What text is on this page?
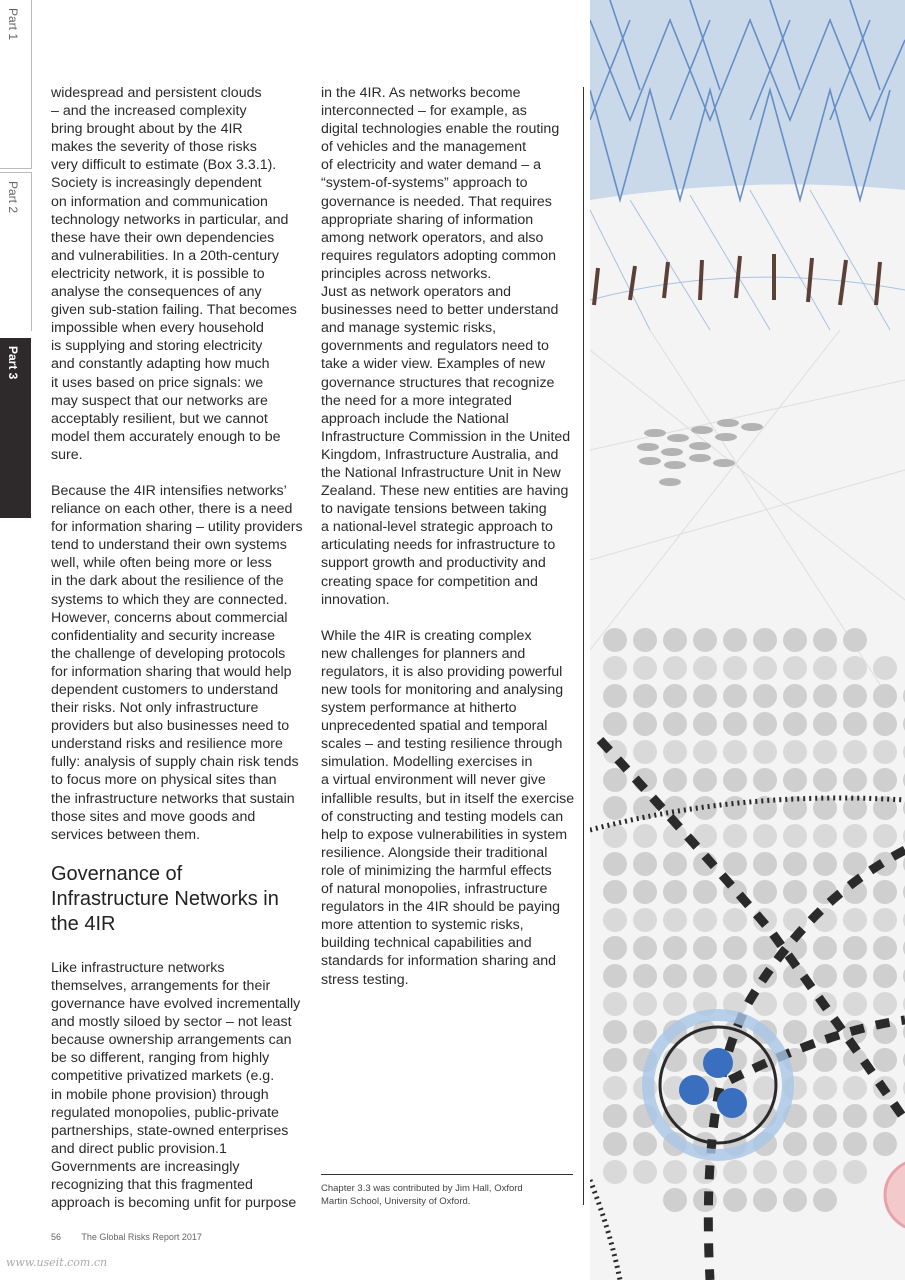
Part 1
Part 2
Part 3

widespread and persistent clouds
– and the increased complexity
bring brought about by the 4IR
makes the severity of those risks
very difficult to estimate (Box 3.3.1).
Society is increasingly dependent
on information and communication
technology networks in particular, and
these have their own dependencies
and vulnerabilities. In a 20th-century
electricity network, it is possible to
analyse the consequences of any
given sub-station failing. That becomes
impossible when every household
is supplying and storing electricity
and constantly adapting how much
it uses based on price signals: we
may suspect that our networks are
acceptably resilient, but we cannot
model them accurately enough to be
sure.

Because the 4IR intensifies networks’
reliance on each other, there is a need
for information sharing – utility providers
tend to understand their own systems
well, while often being more or less
in the dark about the resilience of the
systems to which they are connected.
However, concerns about commercial
confidentiality and security increase
the challenge of developing protocols
for information sharing that would help
dependent customers to understand
their risks. Not only infrastructure
providers but also businesses need to
understand risks and resilience more
fully: analysis of supply chain risk tends
to focus more on physical sites than
the infrastructure networks that sustain
those sites and move goods and
services between them.

Governance of
Infrastructure Networks in
the 4IR

Like infrastructure networks
themselves, arrangements for their
governance have evolved incrementally
and mostly siloed by sector – not least
because ownership arrangements can
be so different, ranging from highly
competitive privatized markets (e.g.
in mobile phone provision) through
regulated monopolies, public-private
partnerships, state-owned enterprises
and direct public provision.1
Governments are increasingly
recognizing that this fragmented
approach is becoming unfit for purpose

in the 4IR. As networks become
interconnected – for example, as
digital technologies enable the routing
of vehicles and the management
of electricity and water demand – a
“system-of-systems” approach to
governance is needed. That requires
appropriate sharing of information
among network operators, and also
requires regulators adopting common
principles across networks.
Just as network operators and
businesses need to better understand
and manage systemic risks,
governments and regulators need to
take a wider view. Examples of new
governance structures that recognize
the need for a more integrated
approach include the National
Infrastructure Commission in the United
Kingdom, Infrastructure Australia, and
the National Infrastructure Unit in New
Zealand. These new entities are having
to navigate tensions between taking
a national-level strategic approach to
articulating needs for infrastructure to
support growth and productivity and
creating space for competition and
innovation.

While the 4IR is creating complex
new challenges for planners and
regulators, it is also providing powerful
new tools for monitoring and analysing
system performance at hitherto
unprecedented spatial and temporal
scales – and testing resilience through
simulation. Modelling exercises in
a virtual environment will never give
infallible results, but in itself the exercise
of constructing and testing models can
help to expose vulnerabilities in system
resilience. Alongside their traditional
role of minimizing the harmful effects
of natural monopolies, infrastructure
regulators in the 4IR should be paying
more attention to systemic risks,
building technical capabilities and
standards for information sharing and
stress testing.

Chapter 3.3 was contributed by Jim Hall, Oxford
Martin School, University of Oxford.
56 The Global Risks Report 2017
www.useit.com.cn
